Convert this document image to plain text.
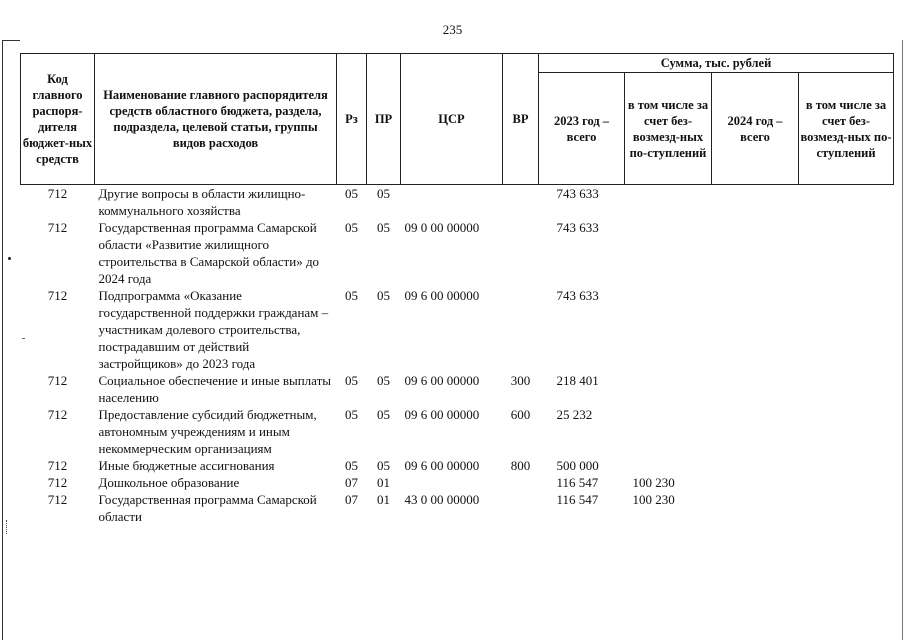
235
Код главного распоря-дителя бюджет-ных средств	Наименование главного распорядителя средств областного бюджета, раздела, подраздела, целевой статьи, группы видов расходов	Рз	ПР	ЦСР	ВР	Сумма, тыс. рублей			
						2023 год – всего	в том числе за счет без-возмезд-ных по-ступлений	2024 год – всего	в том числе за счет без-возмезд-ных по-ступлений
712	Другие вопросы в области жилищно-коммунального хозяйства	05	05			743 633			
712	Государственная программа Самарской области «Развитие жилищного строительства в Самарской области» до 2024 года	05	05	09 0 00 00000		743 633			
712	Подпрограмма «Оказание государственной поддержки гражданам – участникам долевого строительства, пострадавшим от действий застройщиков» до 2023 года	05	05	09 6 00 00000		743 633			
712	Социальное обеспечение и иные выплаты населению	05	05	09 6 00 00000	300	218 401			
712	Предоставление субсидий бюджетным, автономным учреждениям и иным некоммерческим организациям	05	05	09 6 00 00000	600	25 232			
712	Иные бюджетные ассигнования	05	05	09 6 00 00000	800	500 000			
712	Дошкольное образование	07	01			116 547	100 230		
712	Государственная программа Самарской области	07	01	43 0 00 00000		116 547	100 230		
